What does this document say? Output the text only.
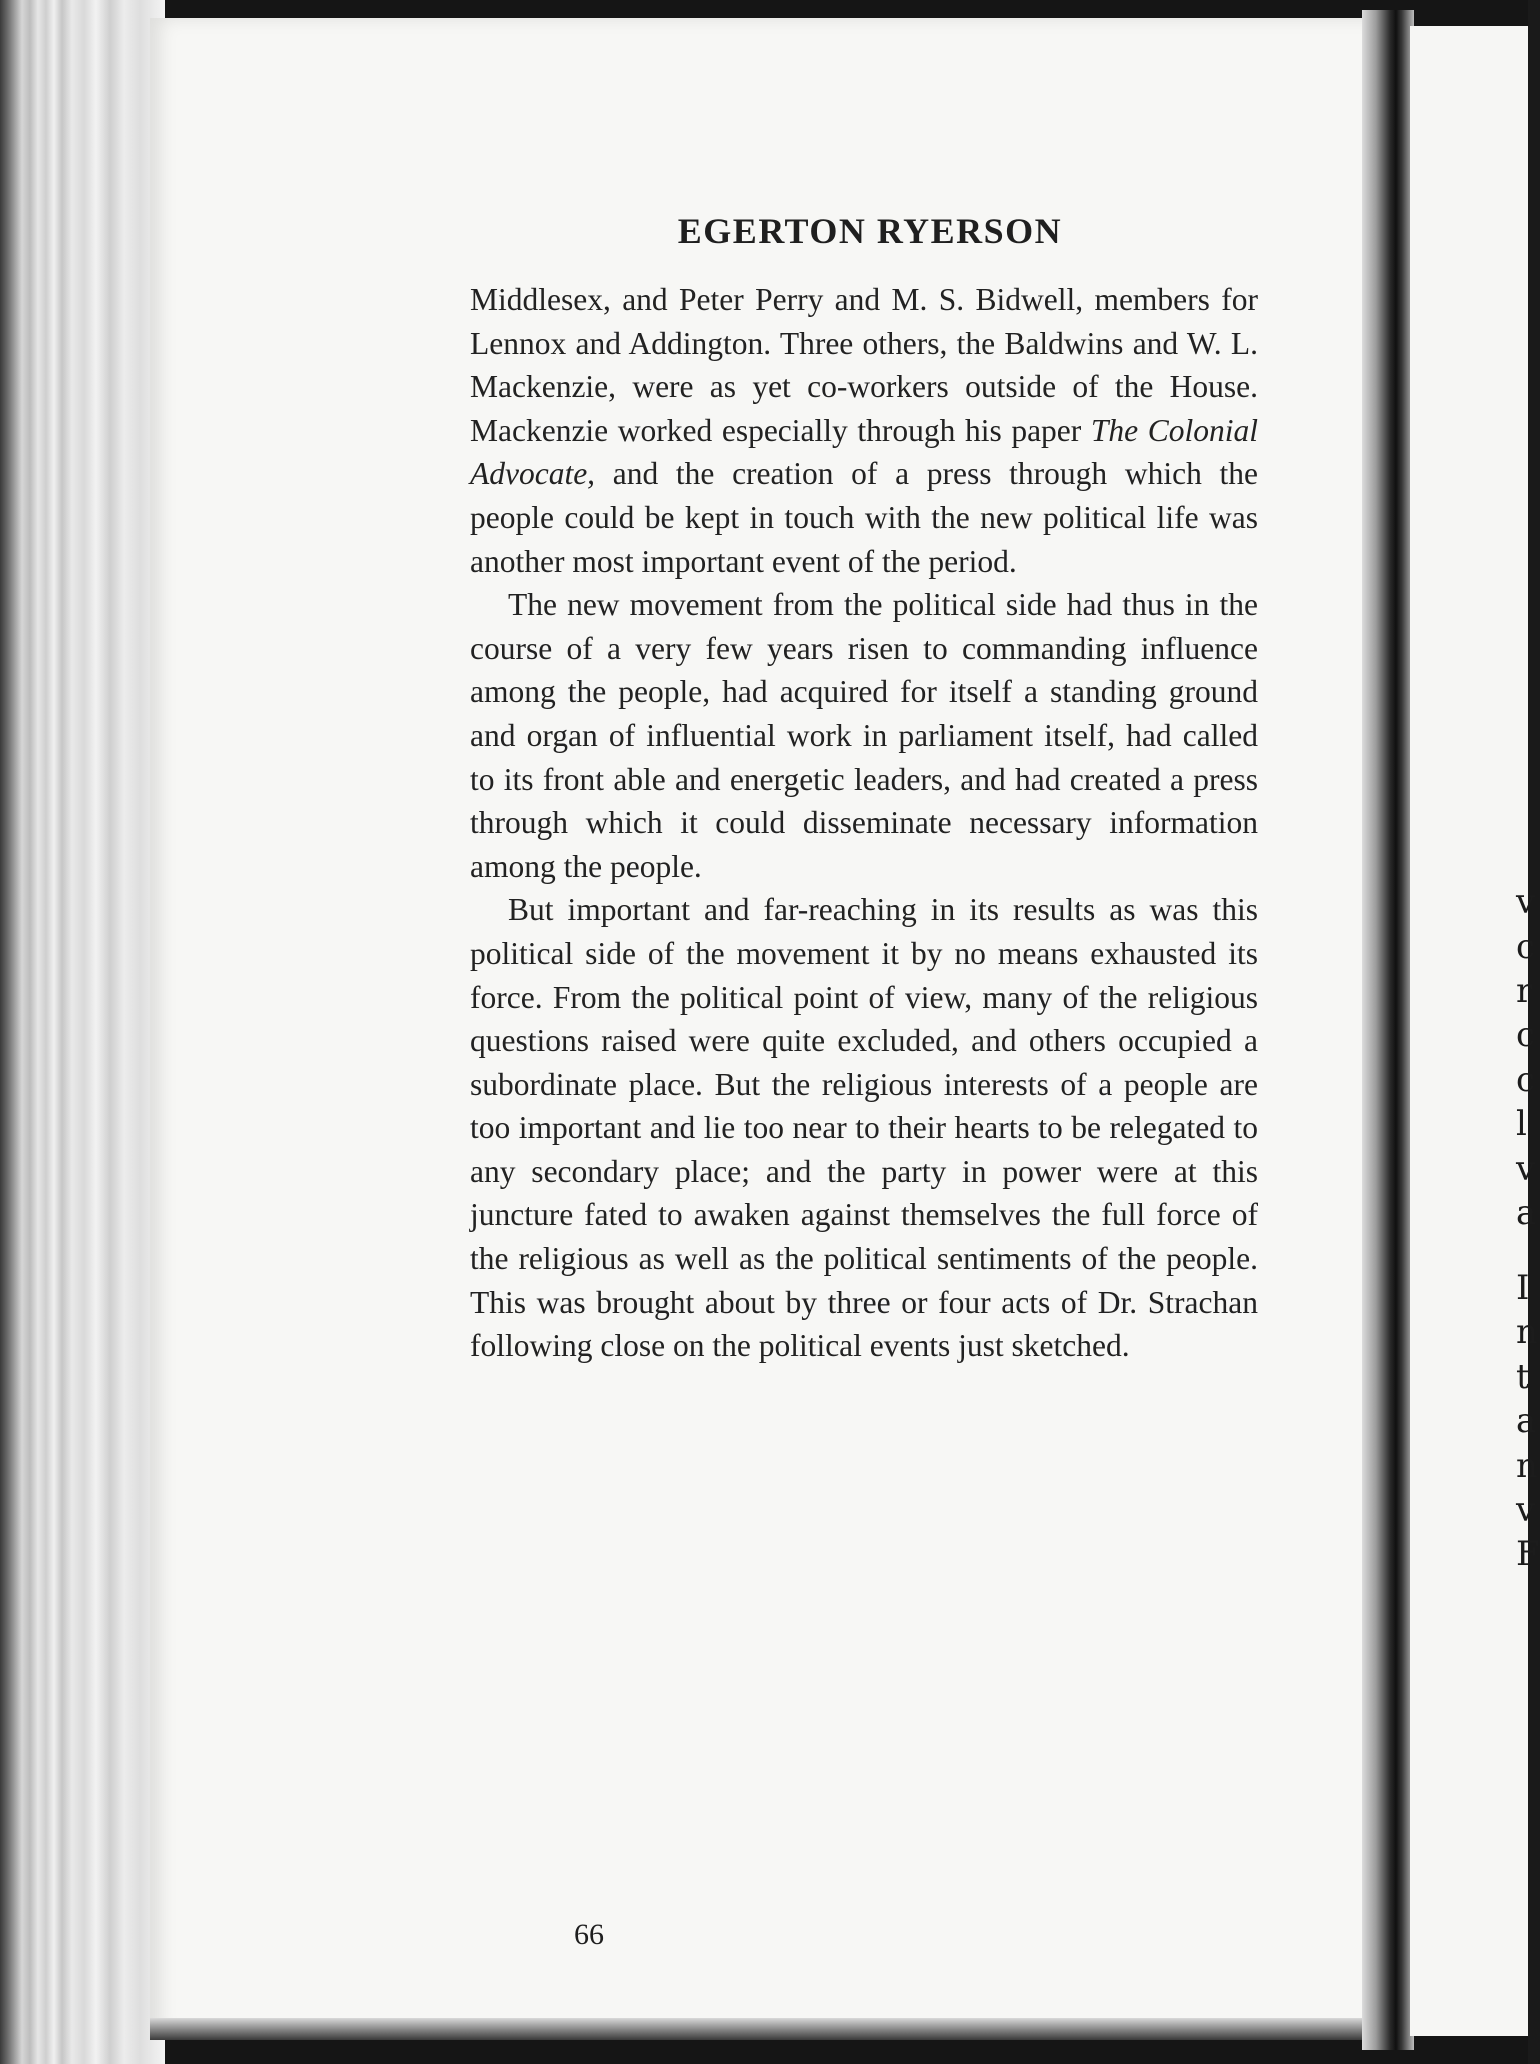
v
c
r
c
c
l
v
a
I
n
t
a
n
v
F
EGERTON RYERSON

Middlesex, and Peter Perry and M. S. Bidwell, members for Lennox and Addington. Three others, the Baldwins and W. L. Mackenzie, were as yet co-workers outside of the House. Mackenzie worked especially through his paper The Colonial Advocate, and the creation of a press through which the people could be kept in touch with the new political life was another most important event of the period.

The new movement from the political side had thus in the course of a very few years risen to commanding influence among the people, had acquired for itself a standing ground and organ of influential work in parliament itself, had called to its front able and energetic leaders, and had created a press through which it could disseminate necessary information among the people.

But important and far-reaching in its results as was this political side of the movement it by no means exhausted its force. From the political point of view, many of the religious questions raised were quite excluded, and others occupied a subordinate place. But the religious interests of a people are too important and lie too near to their hearts to be relegated to any secondary place; and the party in power were at this juncture fated to awaken against themselves the full force of the religious as well as the political sentiments of the people. This was brought about by three or four acts of Dr. Strachan following close on the political events just sketched.

66
